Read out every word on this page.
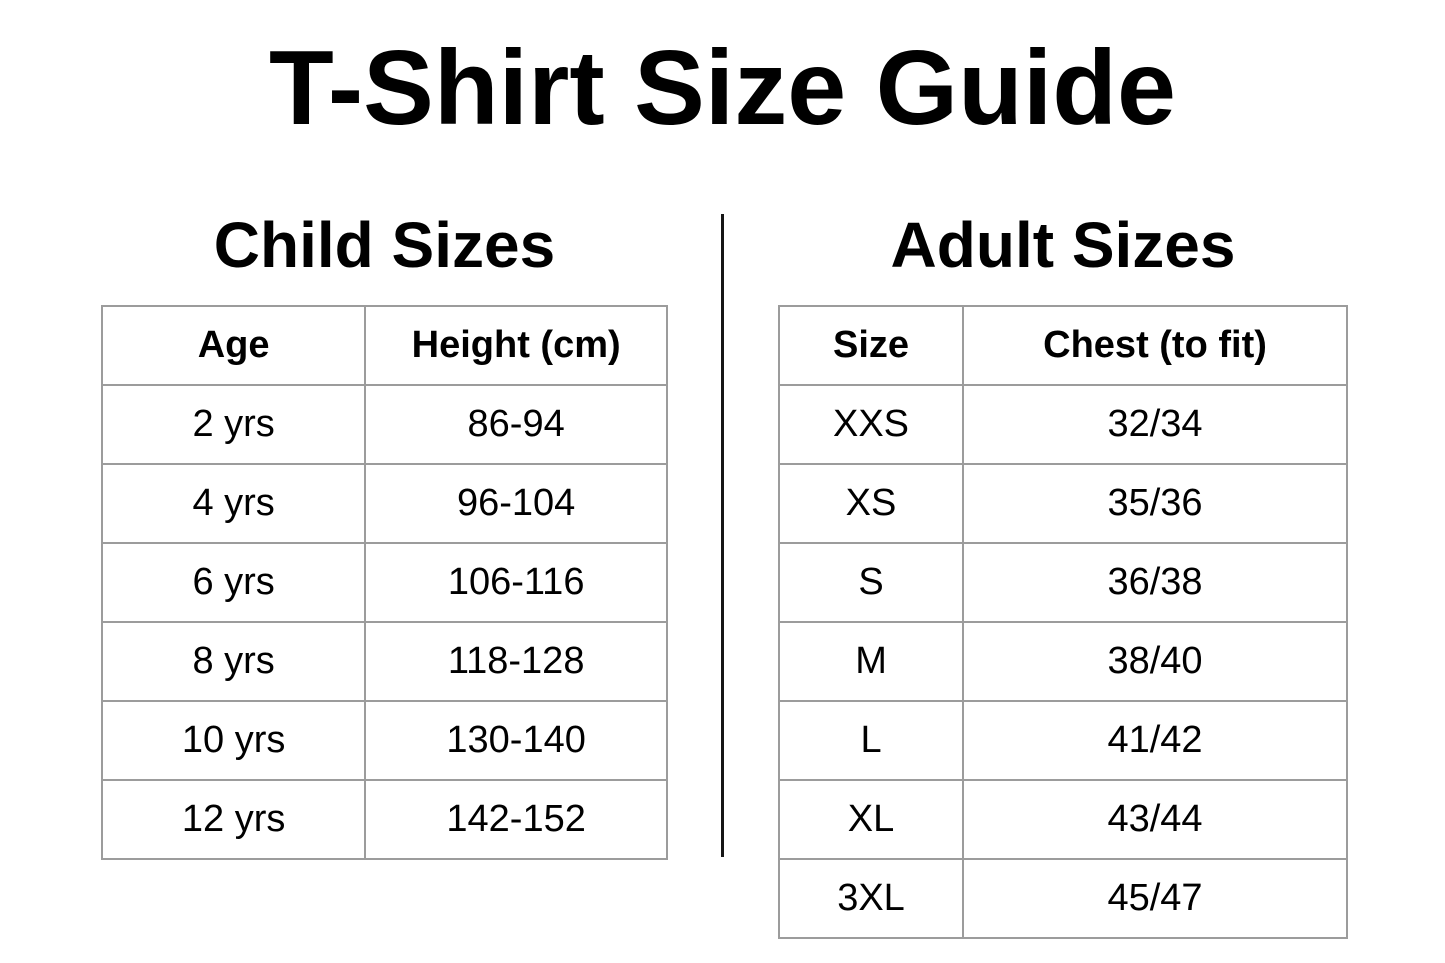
T-Shirt Size Guide
Child Sizes
Age	Height (cm)
2 yrs	86-94
4 yrs	96-104
6 yrs	106-116
8 yrs	118-128
10 yrs	130-140
12 yrs	142-152
Adult Sizes
Size	Chest (to fit)
XXS	32/34
XS	35/36
S	36/38
M	38/40
L	41/42
XL	43/44
3XL	45/47
